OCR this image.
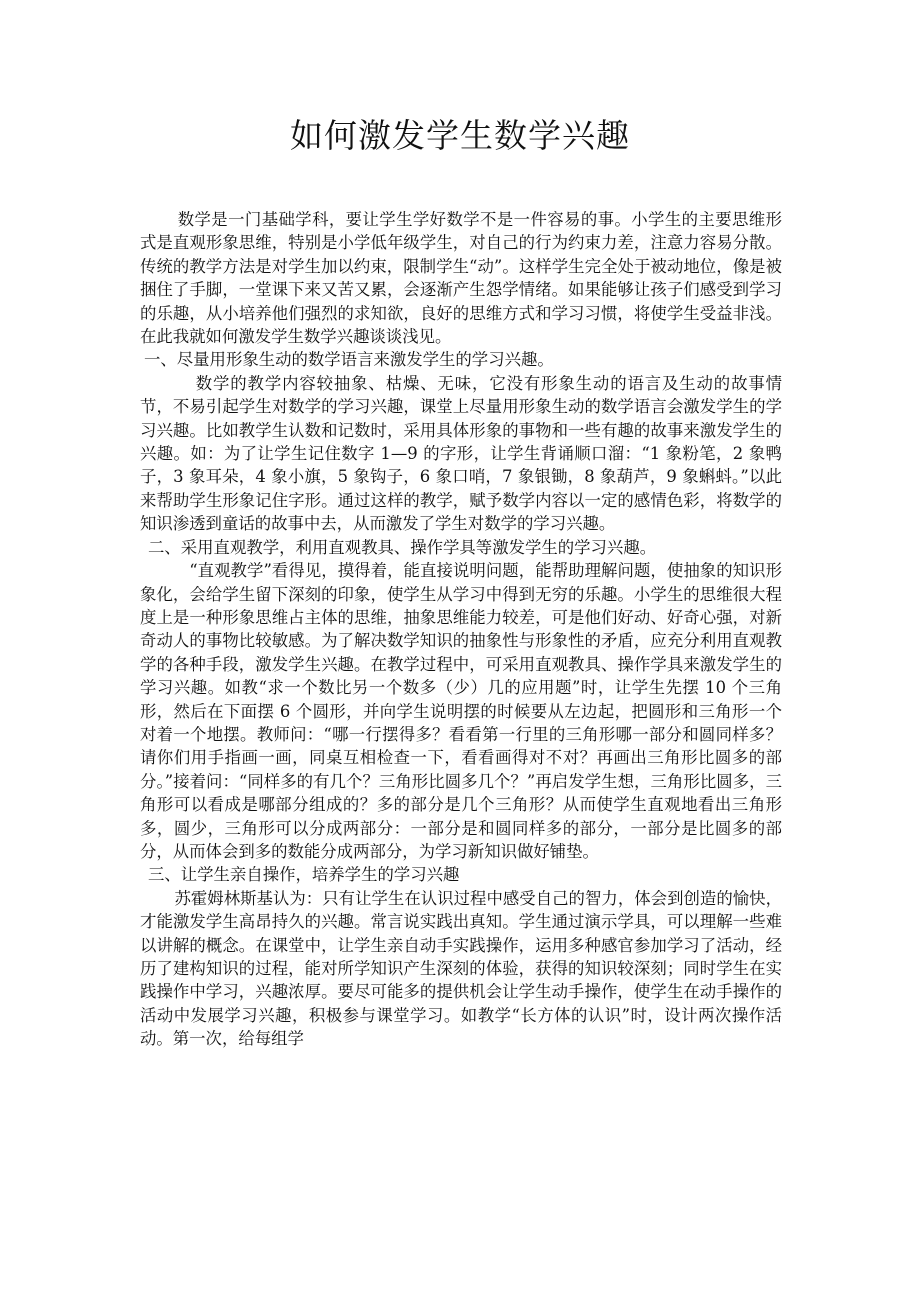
如何激发学生数学兴趣

数学是一门基础学科，要让学生学好数学不是一件容易的事。小学生的主要思维形式是直观形象思维，特别是小学低年级学生，对自己的行为约束力差，注意力容易分散。传统的教学方法是对学生加以约束，限制学生“动”。这样学生完全处于被动地位，像是被捆住了手脚，一堂课下来又苦又累，会逐渐产生怨学情绪。如果能够让孩子们感受到学习的乐趣，从小培养他们强烈的求知欲，良好的思维方式和学习习惯，将使学生受益非浅。在此我就如何激发学生数学兴趣谈谈浅见。

一、尽量用形象生动的数学语言来激发学生的学习兴趣。

数学的教学内容较抽象、枯燥、无味，它没有形象生动的语言及生动的故事情节，不易引起学生对数学的学习兴趣，课堂上尽量用形象生动的数学语言会激发学生的学习兴趣。比如教学生认数和记数时，采用具体形象的事物和一些有趣的故事来激发学生的兴趣。如：为了让学生记住数字 1—9 的字形，让学生背诵顺口溜：“1 象粉笔，2 象鸭子，3 象耳朵，4 象小旗，5 象钩子，6 象口哨，7 象银锄，8 象葫芦，9 象蝌蚪。”以此来帮助学生形象记住字形。通过这样的教学，赋予数学内容以一定的感情色彩，将数学的知识渗透到童话的故事中去，从而激发了学生对数学的学习兴趣。

二、采用直观教学，利用直观教具、操作学具等激发学生的学习兴趣。

“直观教学”看得见，摸得着，能直接说明问题，能帮助理解问题，使抽象的知识形象化，会给学生留下深刻的印象，使学生从学习中得到无穷的乐趣。小学生的思维很大程度上是一种形象思维占主体的思维，抽象思维能力较差，可是他们好动、好奇心强，对新奇动人的事物比较敏感。为了解决数学知识的抽象性与形象性的矛盾，应充分利用直观教学的各种手段，激发学生兴趣。在教学过程中，可采用直观教具、操作学具来激发学生的学习兴趣。如教“求一个数比另一个数多（少）几的应用题”时，让学生先摆 10 个三角形，然后在下面摆 6 个圆形，并向学生说明摆的时候要从左边起，把圆形和三角形一个对着一个地摆。教师问：“哪一行摆得多？看看第一行里的三角形哪一部分和圆同样多？请你们用手指画一画，同桌互相检查一下，看看画得对不对？再画出三角形比圆多的部分。”接着问：“同样多的有几个？三角形比圆多几个？”再启发学生想，三角形比圆多，三角形可以看成是哪部分组成的？多的部分是几个三角形？从而使学生直观地看出三角形多，圆少，三角形可以分成两部分：一部分是和圆同样多的部分，一部分是比圆多的部分，从而体会到多的数能分成两部分，为学习新知识做好铺垫。

三、让学生亲自操作，培养学生的学习兴趣

苏霍姆林斯基认为：只有让学生在认识过程中感受自己的智力，体会到创造的愉快，才能激发学生高昂持久的兴趣。常言说实践出真知。学生通过演示学具，可以理解一些难以讲解的概念。在课堂中，让学生亲自动手实践操作，运用多种感官参加学习了活动，经历了建构知识的过程，能对所学知识产生深刻的体验，获得的知识较深刻；同时学生在实践操作中学习，兴趣浓厚。要尽可能多的提供机会让学生动手操作，使学生在动手操作的活动中发展学习兴趣，积极参与课堂学习。如教学“长方体的认识”时，设计两次操作活动。第一次，给每组学
